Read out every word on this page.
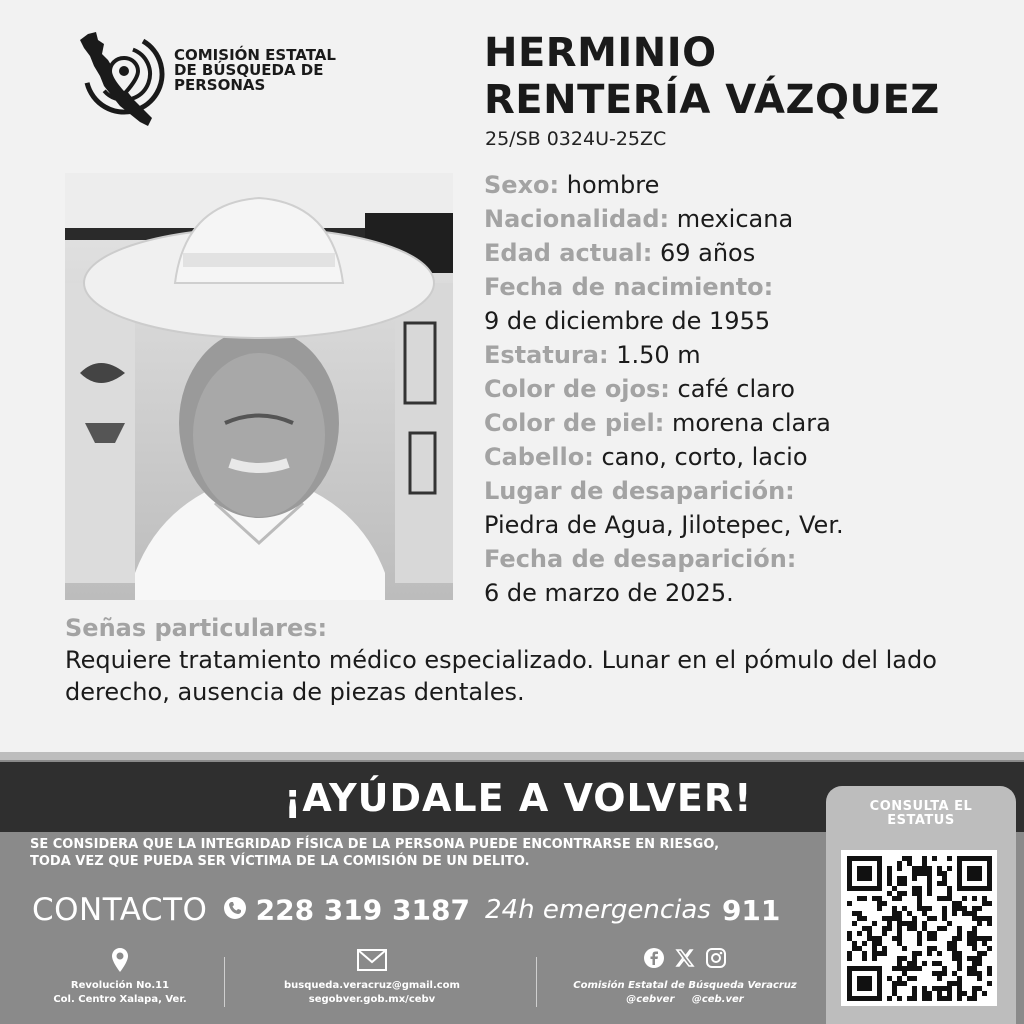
COMISIÓN ESTATAL
DE BÚSQUEDA DE
PERSONAS
HERMINIO
RENTERÍA VÁZQUEZ
25/SB 0324U-25ZC
Sexo: hombre
Nacionalidad: mexicana
Edad actual: 69 años
Fecha de nacimiento:
9 de diciembre de 1955
Estatura: 1.50 m
Color de ojos: café claro
Color de piel: morena clara
Cabello: cano, corto, lacio
Lugar de desaparición:
Piedra de Agua, Jilotepec, Ver.
Fecha de desaparición:
6 de marzo de 2025.
Señas particulares:
Requiere tratamiento médico especializado. Lunar en el pómulo del lado derecho, ausencia de piezas dentales.
¡AYÚDALE A VOLVER!
SE CONSIDERA QUE LA INTEGRIDAD FÍSICA DE LA PERSONA PUEDE ENCONTRARSE EN RIESGO,
TODA VEZ QUE PUEDA SER VÍCTIMA DE LA COMISIÓN DE UN DELITO.
CONTACTO 228 319 3187 24h emergencias 911
Revolución No.11
Col. Centro Xalapa, Ver.
busqueda.veracruz@gmail.com
segobver.gob.mx/cebv

Comisión Estatal de Búsqueda Veracruz
@cebver @ceb.ver
CONSULTA EL
ESTATUS
